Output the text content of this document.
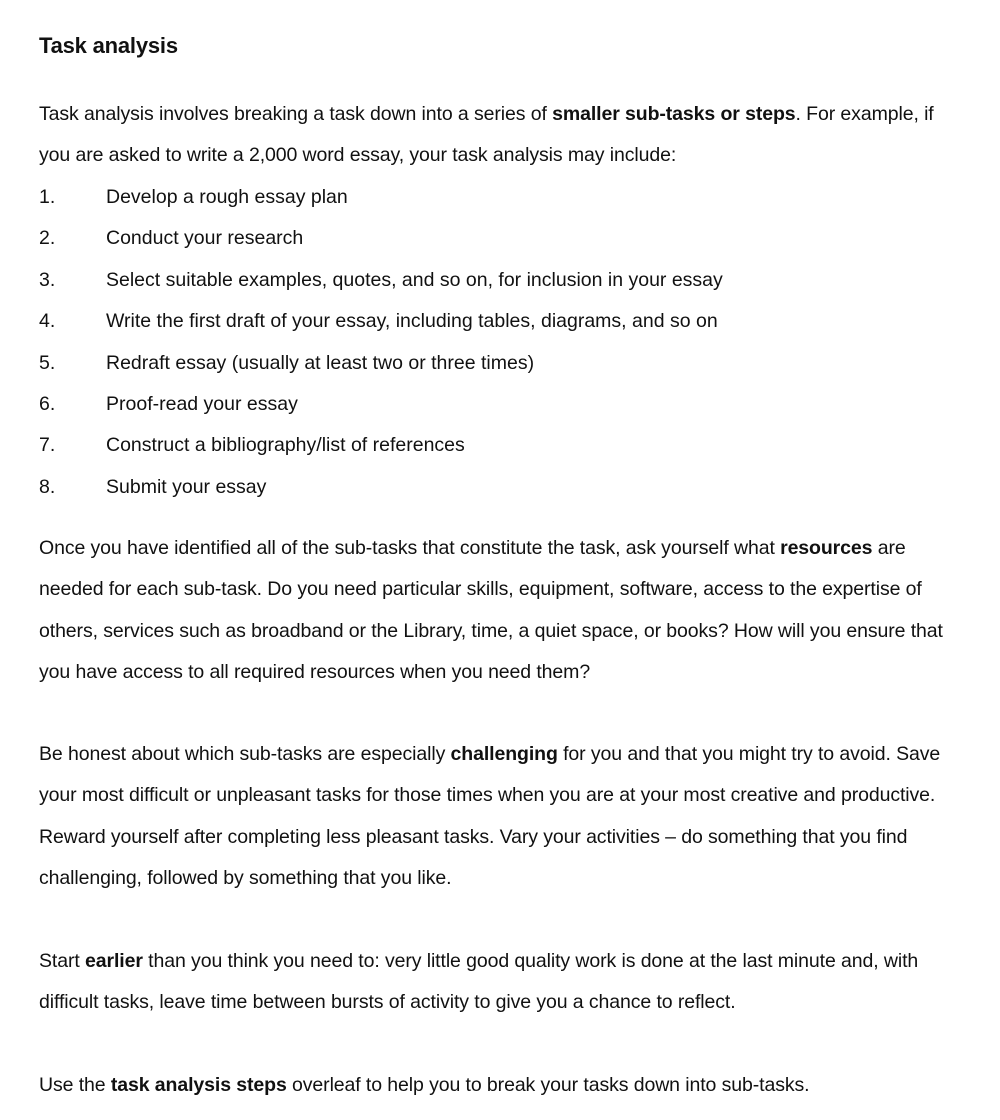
Task analysis

Task analysis involves breaking a task down into a series of smaller sub-tasks or steps. For example, if you are asked to write a 2,000 word essay, your task analysis may include:

1.	Develop a rough essay plan
2.	Conduct your research
3.	Select suitable examples, quotes, and so on, for inclusion in your essay
4.	Write the first draft of your essay, including tables, diagrams, and so on
5.	Redraft essay (usually at least two or three times)
6.	Proof-read your essay
7.	Construct a bibliography/list of references
8.	Submit your essay

Once you have identified all of the sub-tasks that constitute the task, ask yourself what resources are needed for each sub-task. Do you need particular skills, equipment, software, access to the expertise of others, services such as broadband or the Library, time, a quiet space, or books? How will you ensure that you have access to all required resources when you need them?

Be honest about which sub-tasks are especially challenging for you and that you might try to avoid. Save your most difficult or unpleasant tasks for those times when you are at your most creative and productive. Reward yourself after completing less pleasant tasks. Vary your activities – do something that you find challenging, followed by something that you like.

Start earlier than you think you need to: very little good quality work is done at the last minute and, with difficult tasks, leave time between bursts of activity to give you a chance to reflect.

Use the task analysis steps overleaf to help you to break your tasks down into sub-tasks.
